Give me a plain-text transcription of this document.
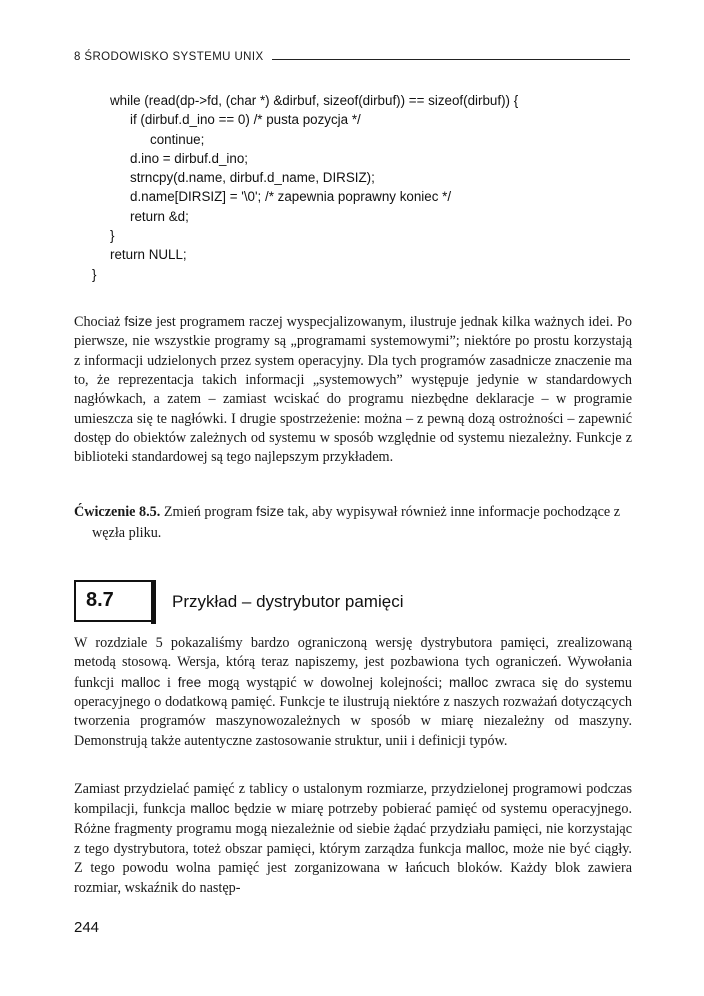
8 ŚRODOWISKO SYSTEMU UNIX
while (read(dp->fd, (char *) &dirbuf, sizeof(dirbuf)) == sizeof(dirbuf)) {
if (dirbuf.d_ino == 0) /* pusta pozycja */
continue;
d.ino = dirbuf.d_ino;
strncpy(d.name, dirbuf.d_name, DIRSIZ);
d.name[DIRSIZ] = '\0'; /* zapewnia poprawny koniec */
return &d;
}
return NULL;
}

Chociaż fsize jest programem raczej wyspecjalizowanym, ilustruje jednak kilka ważnych idei. Po pierwsze, nie wszystkie programy są „programami systemowymi”; niektóre po prostu korzystają z informacji udzielonych przez system operacyjny. Dla tych programów zasadnicze znaczenie ma to, że reprezentacja takich informacji „systemowych” występuje jedynie w standardowych nagłówkach, a zatem – zamiast wciskać do programu niezbędne deklaracje – w programie umieszcza się te nagłówki. I drugie spostrzeżenie: można – z pewną dozą ostrożności – zapewnić dostęp do obiektów zależnych od systemu w sposób względnie od systemu niezależny. Funkcje z biblioteki standardowej są tego najlepszym przykładem.

Ćwiczenie 8.5. Zmień program fsize tak, aby wypisywał również inne informacje pochodzące z węzła pliku.

8.7	Przykład – dystrybutor pamięci

W rozdziale 5 pokazaliśmy bardzo ograniczoną wersję dystrybutora pamięci, zrealizowaną metodą stosową. Wersja, którą teraz napiszemy, jest pozbawiona tych ograniczeń. Wywołania funkcji malloc i free mogą wystąpić w dowolnej kolejności; malloc zwraca się do systemu operacyjnego o dodatkową pamięć. Funkcje te ilustrują niektóre z naszych rozważań dotyczących tworzenia programów maszynowozależnych w sposób w miarę niezależny od maszyny. Demonstrują także autentyczne zastosowanie struktur, unii i definicji typów.

Zamiast przydzielać pamięć z tablicy o ustalonym rozmiarze, przydzielonej programowi podczas kompilacji, funkcja malloc będzie w miarę potrzeby pobierać pamięć od systemu operacyjnego. Różne fragmenty programu mogą niezależnie od siebie żądać przydziału pamięci, nie korzystając z tego dystrybutora, toteż obszar pamięci, którym zarządza funkcja malloc, może nie być ciągły. Z tego powodu wolna pamięć jest zorganizowana w łańcuch bloków. Każdy blok zawiera rozmiar, wskaźnik do następ-

244
